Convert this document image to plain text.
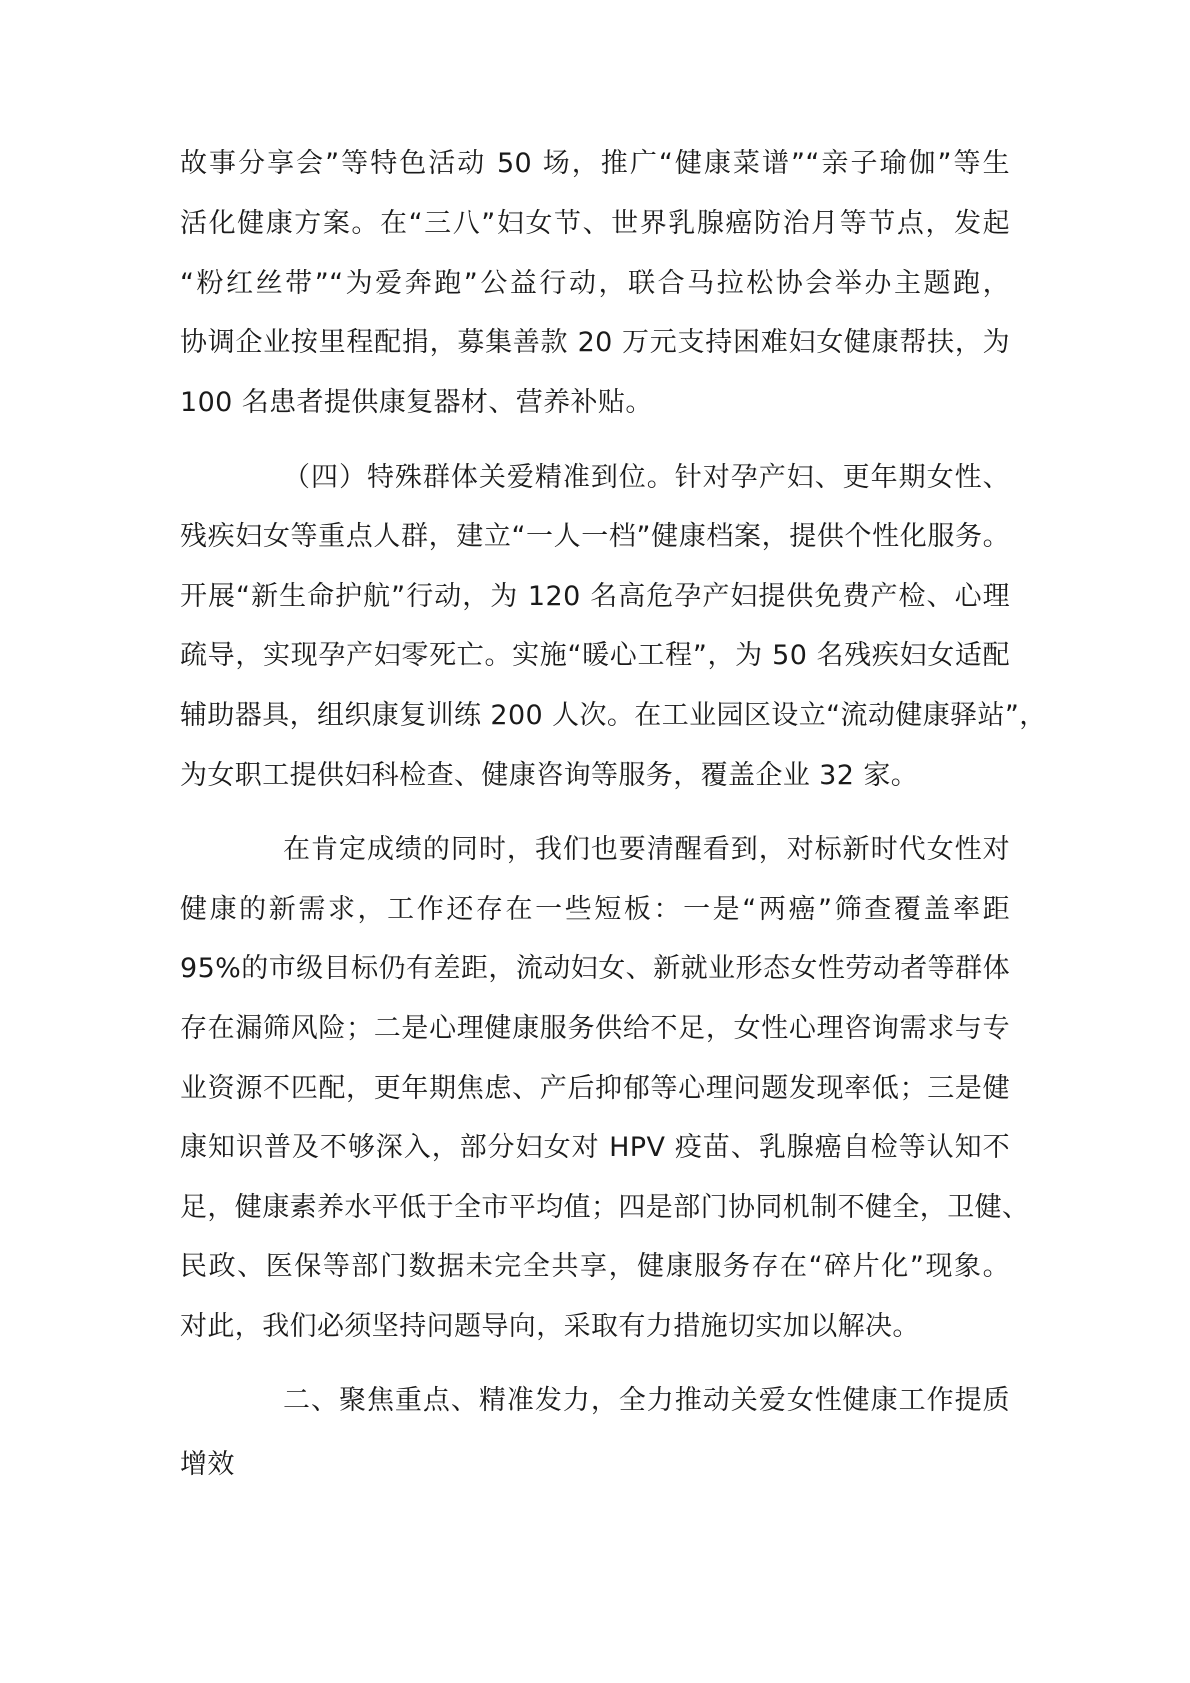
故事分享会”等特色活动 50 场，推广“健康菜谱”“亲子瑜伽”等生
活化健康方案。在“三八”妇女节、世界乳腺癌防治月等节点，发起
“粉红丝带”“为爱奔跑”公益行动，联合马拉松协会举办主题跑，
协调企业按里程配捐，募集善款 20 万元支持困难妇女健康帮扶，为
100 名患者提供康复器材、营养补贴。
（四）特殊群体关爱精准到位。针对孕产妇、更年期女性、
残疾妇女等重点人群，建立“一人一档”健康档案，提供个性化服务。
开展“新生命护航”行动，为 120 名高危孕产妇提供免费产检、心理
疏导，实现孕产妇零死亡。实施“暖心工程”，为 50 名残疾妇女适配
辅助器具，组织康复训练 200 人次。在工业园区设立“流动健康驿站”，
为女职工提供妇科检查、健康咨询等服务，覆盖企业 32 家。
在肯定成绩的同时，我们也要清醒看到，对标新时代女性对
健康的新需求，工作还存在一些短板：一是“两癌”筛查覆盖率距
95%的市级目标仍有差距，流动妇女、新就业形态女性劳动者等群体
存在漏筛风险；二是心理健康服务供给不足，女性心理咨询需求与专
业资源不匹配，更年期焦虑、产后抑郁等心理问题发现率低；三是健
康知识普及不够深入，部分妇女对 HPV 疫苗、乳腺癌自检等认知不
足，健康素养水平低于全市平均值；四是部门协同机制不健全，卫健、
民政、医保等部门数据未完全共享，健康服务存在“碎片化”现象。
对此，我们必须坚持问题导向，采取有力措施切实加以解决。
二、聚焦重点、精准发力，全力推动关爱女性健康工作提质
增效
